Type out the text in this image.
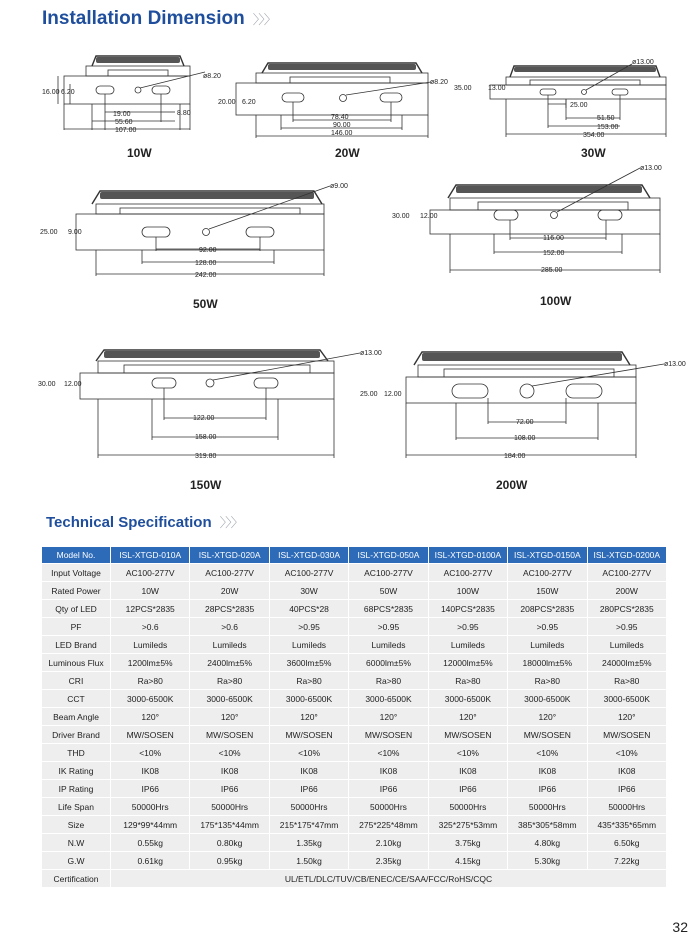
Installation Dimension 〉〉〉
16.00 6.20
ø8.20
19.00	8.80
55.60
107.00
10W
20.00 6.20
ø8.20
78.40
90.00
146.00
20W
35.00 13.00
ø13.00
25.00
51.50
153.00
354.00
30W
25.00 9.00
ø9.00
92.00
128.00
242.00
50W
30.00 12.00
ø13.00
116.00
152.00
285.00
100W
30.00 12.00
ø13.00
122.00
158.00
319.80
150W
25.00 12.00
ø13.00
72.00
108.00
184.00
200W
Technical Specification 〉〉〉
Model No.	ISL-XTGD-010A	ISL-XTGD-020A	ISL-XTGD-030A	ISL-XTGD-050A	ISL-XTGD-0100A	ISL-XTGD-0150A	ISL-XTGD-0200A
Input Voltage	AC100-277V	AC100-277V	AC100-277V	AC100-277V	AC100-277V	AC100-277V	AC100-277V
Rated Power	10W	20W	30W	50W	100W	150W	200W
Qty of LED	12PCS*2835	28PCS*2835	40PCS*28	68PCS*2835	140PCS*2835	208PCS*2835	280PCS*2835
PF	>0.6	>0.6	>0.95	>0.95	>0.95	>0.95	>0.95
LED Brand	Lumileds	Lumileds	Lumileds	Lumileds	Lumileds	Lumileds	Lumileds
Luminous Flux	1200lm±5%	2400lm±5%	3600lm±5%	6000lm±5%	12000lm±5%	18000lm±5%	24000lm±5%
CRI	Ra>80	Ra>80	Ra>80	Ra>80	Ra>80	Ra>80	Ra>80
CCT	3000-6500K	3000-6500K	3000-6500K	3000-6500K	3000-6500K	3000-6500K	3000-6500K
Beam Angle	120°	120°	120°	120°	120°	120°	120°
Driver Brand	MW/SOSEN	MW/SOSEN	MW/SOSEN	MW/SOSEN	MW/SOSEN	MW/SOSEN	MW/SOSEN
THD	<10%	<10%	<10%	<10%	<10%	<10%	<10%
IK Rating	IK08	IK08	IK08	IK08	IK08	IK08	IK08
IP Rating	IP66	IP66	IP66	IP66	IP66	IP66	IP66
Life Span	50000Hrs	50000Hrs	50000Hrs	50000Hrs	50000Hrs	50000Hrs	50000Hrs
Size	129*99*44mm	175*135*44mm	215*175*47mm	275*225*48mm	325*275*53mm	385*305*58mm	435*335*65mm
N.W	0.55kg	0.80kg	1.35kg	2.10kg	3.75kg	4.80kg	6.50kg
G.W	0.61kg	0.95kg	1.50kg	2.35kg	4.15kg	5.30kg	7.22kg
Certification	UL/ETL/DLC/TUV/CB/ENEC/CE/SAA/FCC/RoHS/CQC						
32
